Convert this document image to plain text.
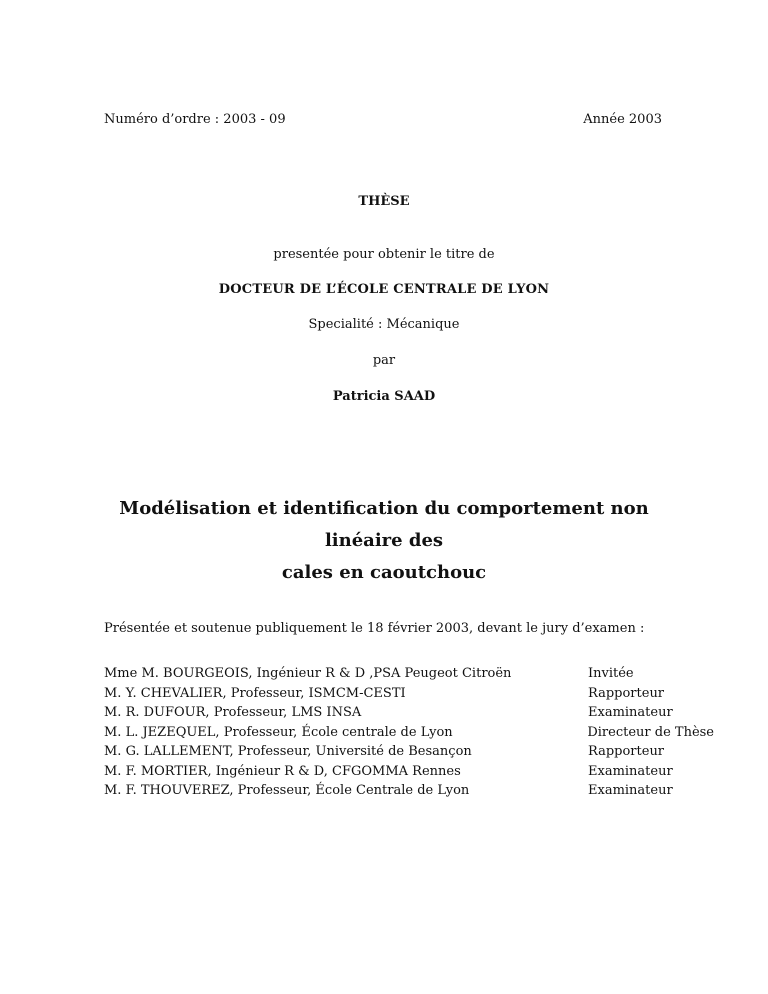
Numéro d’ordre : 2003 - 09	Année 2003
THÈSE
presentée pour obtenir le titre de
DOCTEUR DE L’ÉCOLE CENTRALE DE LYON
Specialité : Mécanique
par
Patricia SAAD
Modélisation et identification du comportement non linéaire des
cales en caoutchouc
Présentée et soutenue publiquement le 18 février 2003, devant le jury d’examen :
Mme M. BOURGEOIS, Ingénieur R & D ,PSA Peugeot Citroën	Invitée
M. Y. CHEVALIER, Professeur, ISMCM-CESTI	Rapporteur
M. R. DUFOUR, Professeur, LMS INSA	Examinateur
M. L. JEZEQUEL, Professeur, École centrale de Lyon	Directeur de Thèse
M. G. LALLEMENT, Professeur, Université de Besançon	Rapporteur
M. F. MORTIER, Ingénieur R & D, CFGOMMA Rennes	Examinateur
M. F. THOUVEREZ, Professeur, École Centrale de Lyon	Examinateur
